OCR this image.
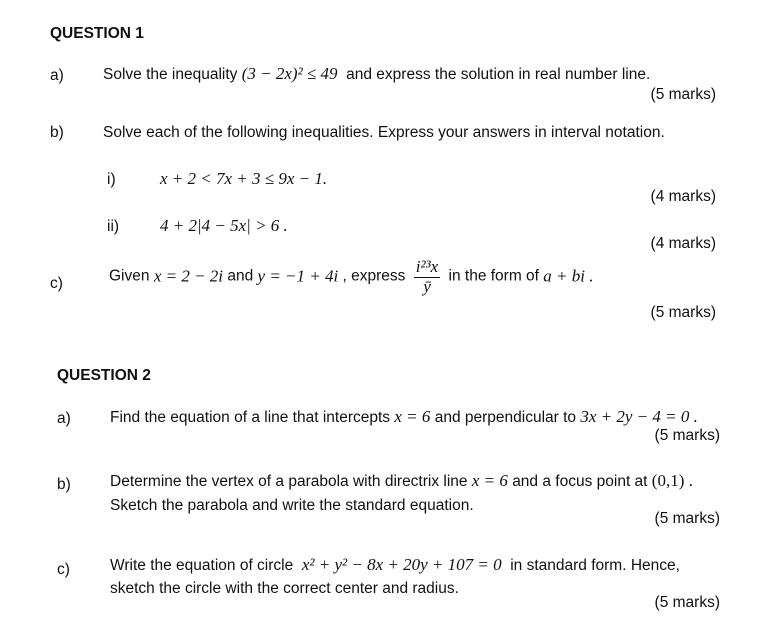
QUESTION 1
a)	Solve the inequality (3 − 2x)² ≤ 49 and express the solution in real number line.
(5 marks)
b)	Solve each of the following inequalities. Express your answers in interval notation.
i)	x + 2 < 7x + 3 ≤ 9x − 1.
(4 marks)
ii) 4 + 2|4 − 5x| > 6 .
(4 marks)
c)	Given x = 2 − 2i and y = −1 + 4i , express $\frac{\text{i²³x}}{ȳ}$ in the form of a + bi .
(5 marks)
QUESTION 2
a)	Find the equation of a line that intercepts x = 6 and perpendicular to 3x + 2y − 4 = 0 .
(5 marks)
b)	Determine the vertex of a parabola with directrix line x = 6 and a focus point at (0,1) .
Sketch the parabola and write the standard equation.
(5 marks)
c)	Write the equation of circle x² + y² − 8x + 20y + 107 = 0 in standard form. Hence,
sketch the circle with the correct center and radius.
(5 marks)
